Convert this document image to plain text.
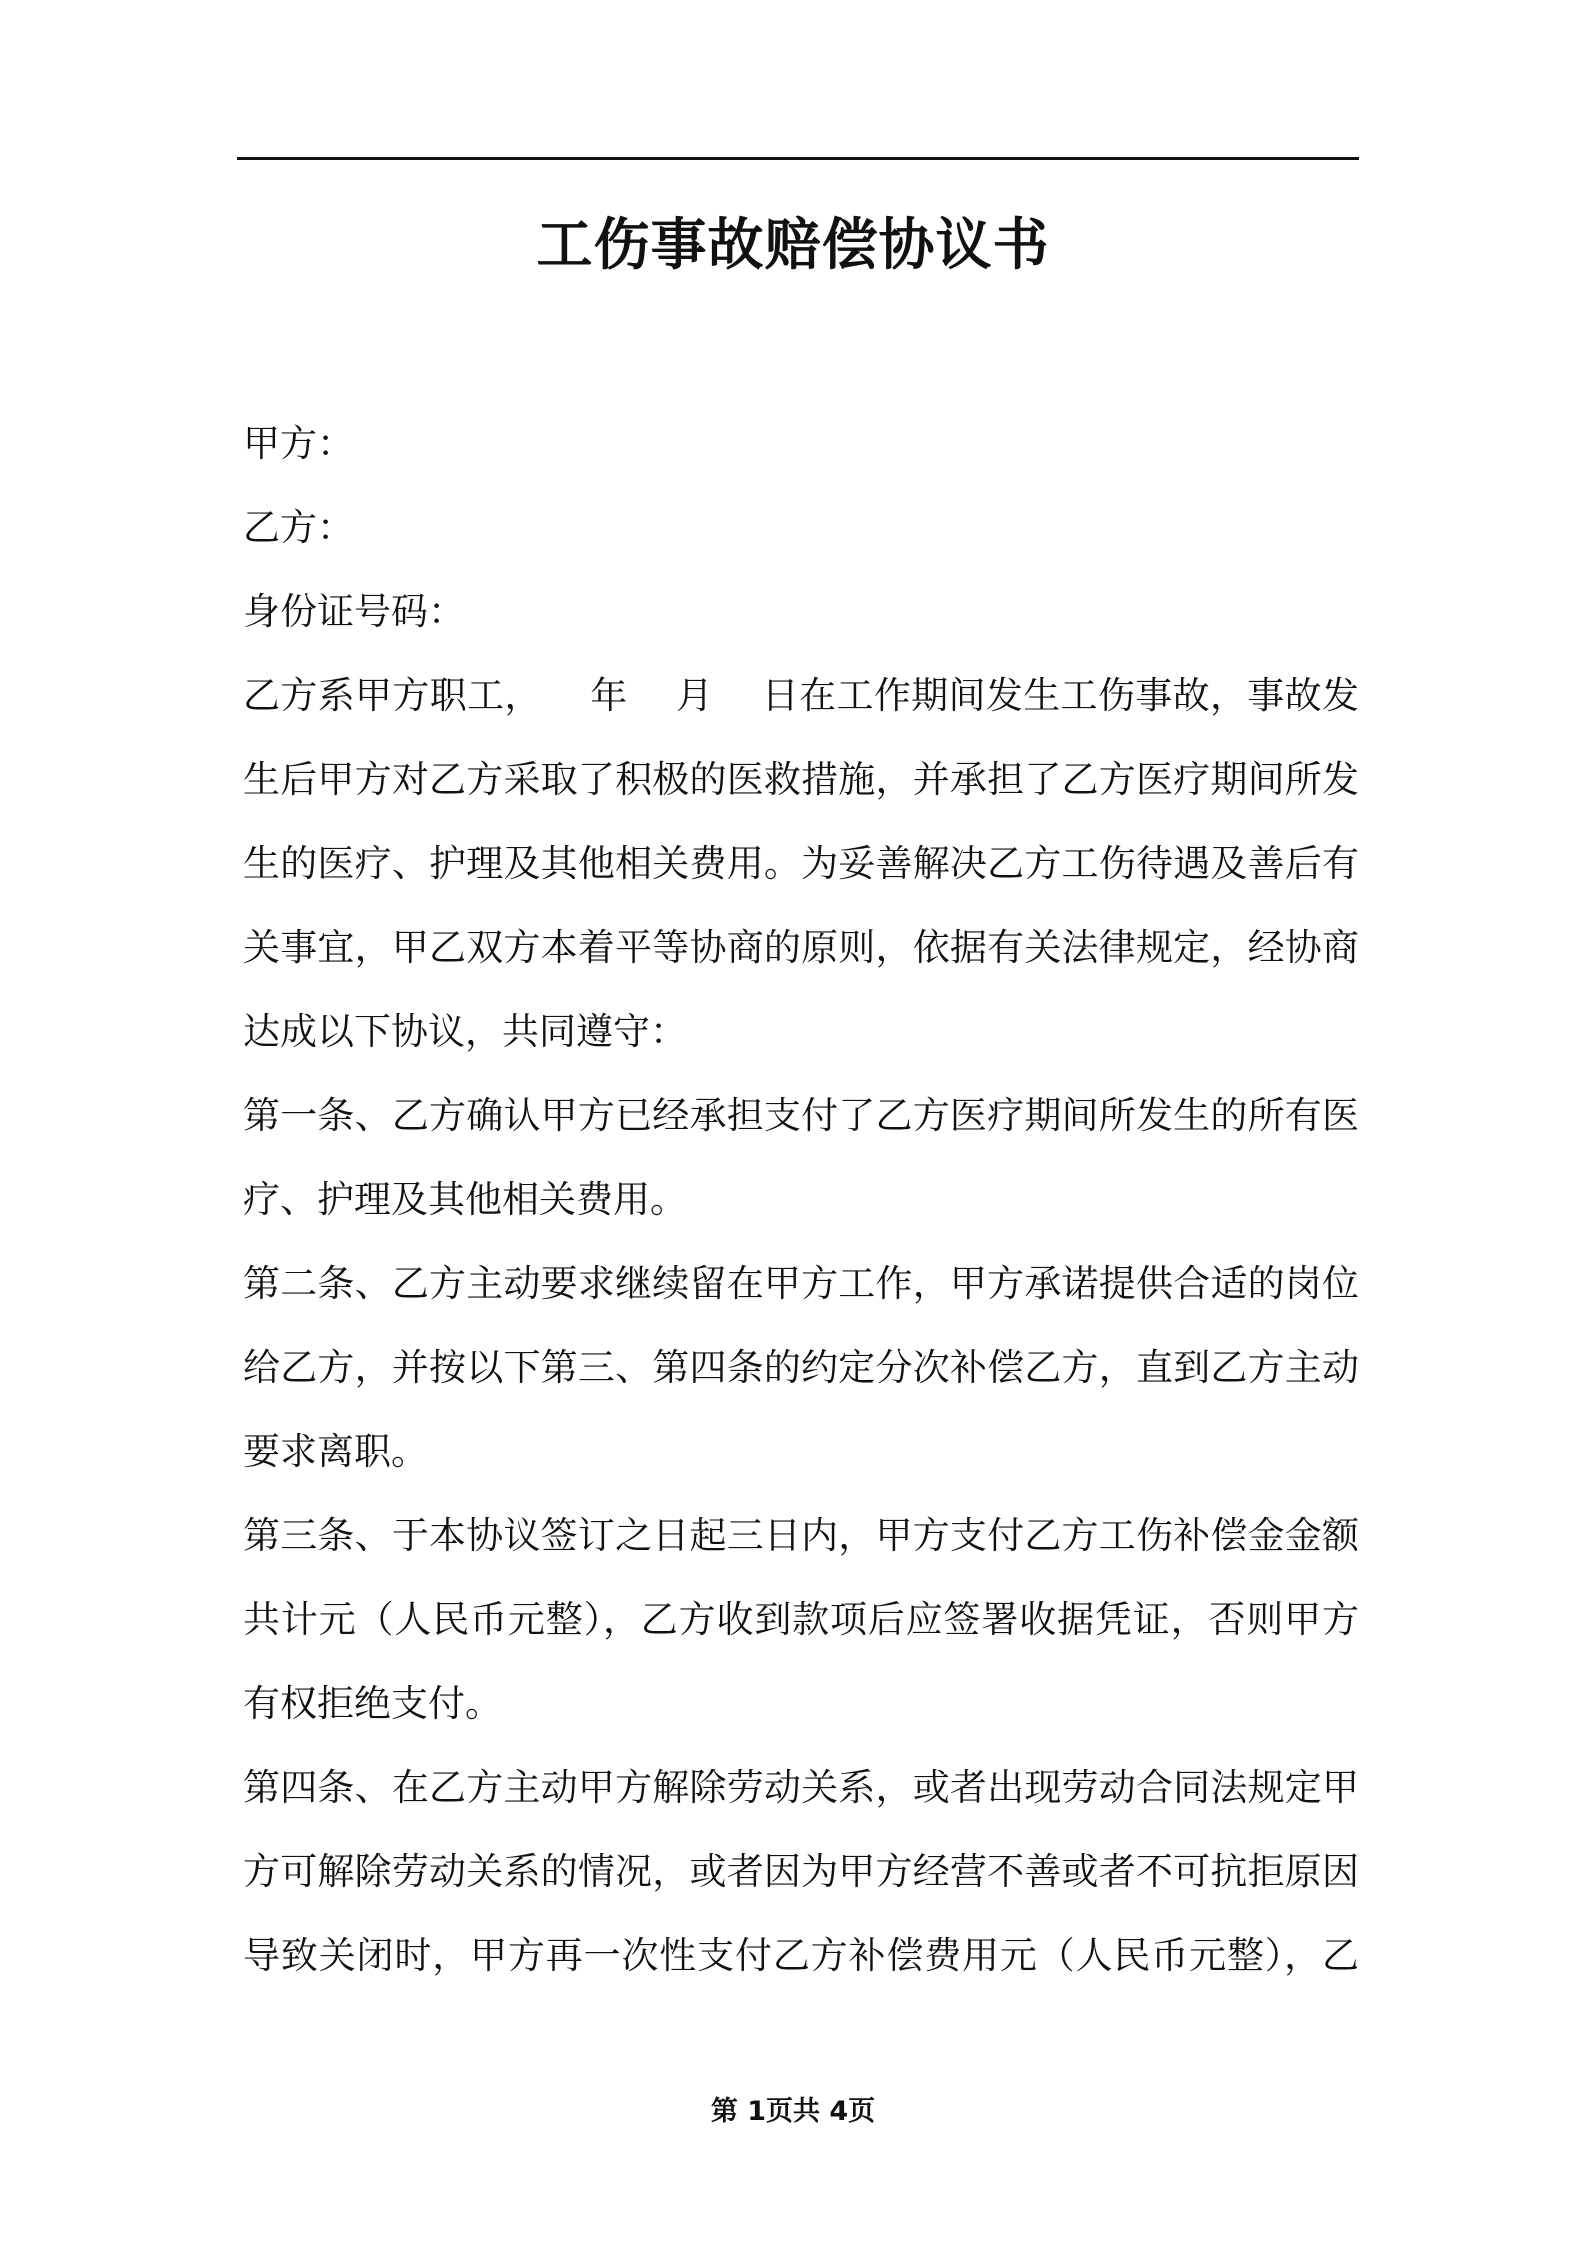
工伤事故赔偿协议书
甲方：
乙方：
身份证号码：
乙方系甲方职工，    年    月    日在工作期间发生工伤事故，事故发
生后甲方对乙方采取了积极的医救措施，并承担了乙方医疗期间所发
生的医疗、护理及其他相关费用。为妥善解决乙方工伤待遇及善后有
关事宜，甲乙双方本着平等协商的原则，依据有关法律规定，经协商
达成以下协议，共同遵守：
第一条、乙方确认甲方已经承担支付了乙方医疗期间所发生的所有医
疗、护理及其他相关费用。
第二条、乙方主动要求继续留在甲方工作，甲方承诺提供合适的岗位
给乙方，并按以下第三、第四条的约定分次补偿乙方，直到乙方主动
要求离职。
第三条、于本协议签订之日起三日内，甲方支付乙方工伤补偿金金额
共计元（人民币元整），乙方收到款项后应签署收据凭证，否则甲方
有权拒绝支付。
第四条、在乙方主动甲方解除劳动关系，或者出现劳动合同法规定甲
方可解除劳动关系的情况，或者因为甲方经营不善或者不可抗拒原因
导致关闭时，甲方再一次性支付乙方补偿费用元（人民币元整），乙
第 1页共 4页
